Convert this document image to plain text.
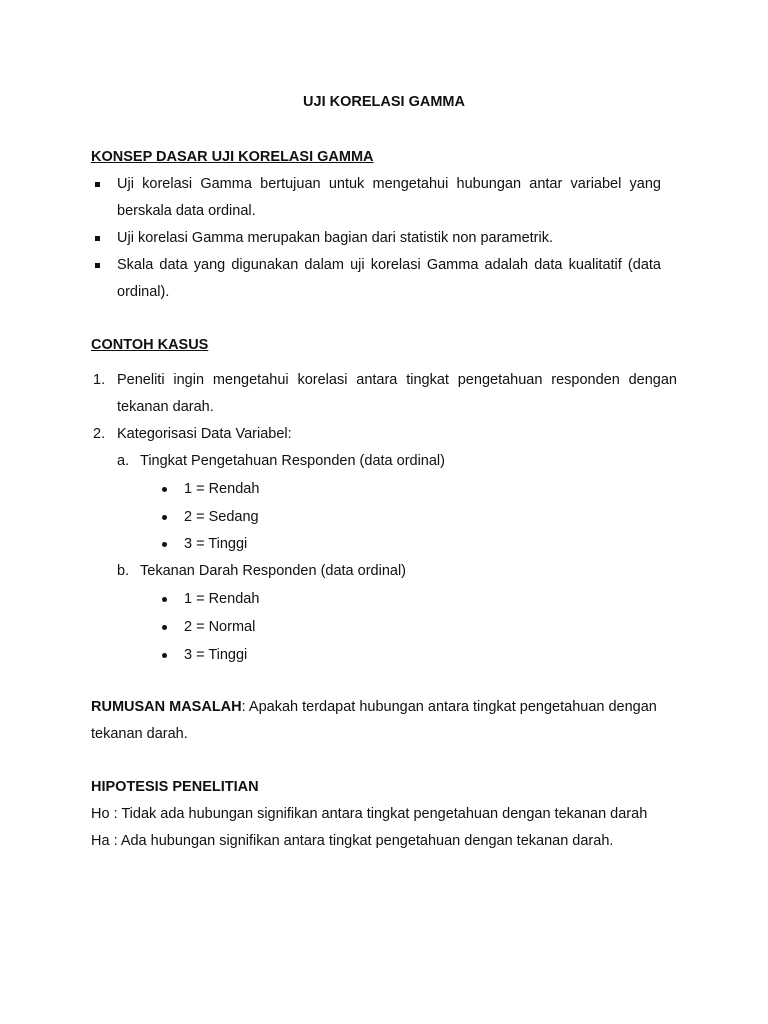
UJI KORELASI GAMMA
KONSEP DASAR UJI KORELASI GAMMA
Uji korelasi Gamma bertujuan untuk mengetahui hubungan antar variabel yang berskala data ordinal.
Uji korelasi Gamma merupakan bagian dari statistik non parametrik.
Skala data yang digunakan dalam uji korelasi Gamma adalah data kualitatif (data ordinal).
CONTOH KASUS
1. Peneliti ingin mengetahui korelasi antara tingkat pengetahuan responden dengan tekanan darah.
2. Kategorisasi Data Variabel:
a. Tingkat Pengetahuan Responden (data ordinal)
1 = Rendah
2 = Sedang
3 = Tinggi
b. Tekanan Darah Responden (data ordinal)
1 = Rendah
2 = Normal
3 = Tinggi

RUMUSAN MASALAH: Apakah terdapat hubungan antara tingkat pengetahuan dengan tekanan darah.

HIPOTESIS PENELITIAN

Ho : Tidak ada hubungan signifikan antara tingkat pengetahuan dengan tekanan darah

Ha : Ada hubungan signifikan antara tingkat pengetahuan dengan tekanan darah.
